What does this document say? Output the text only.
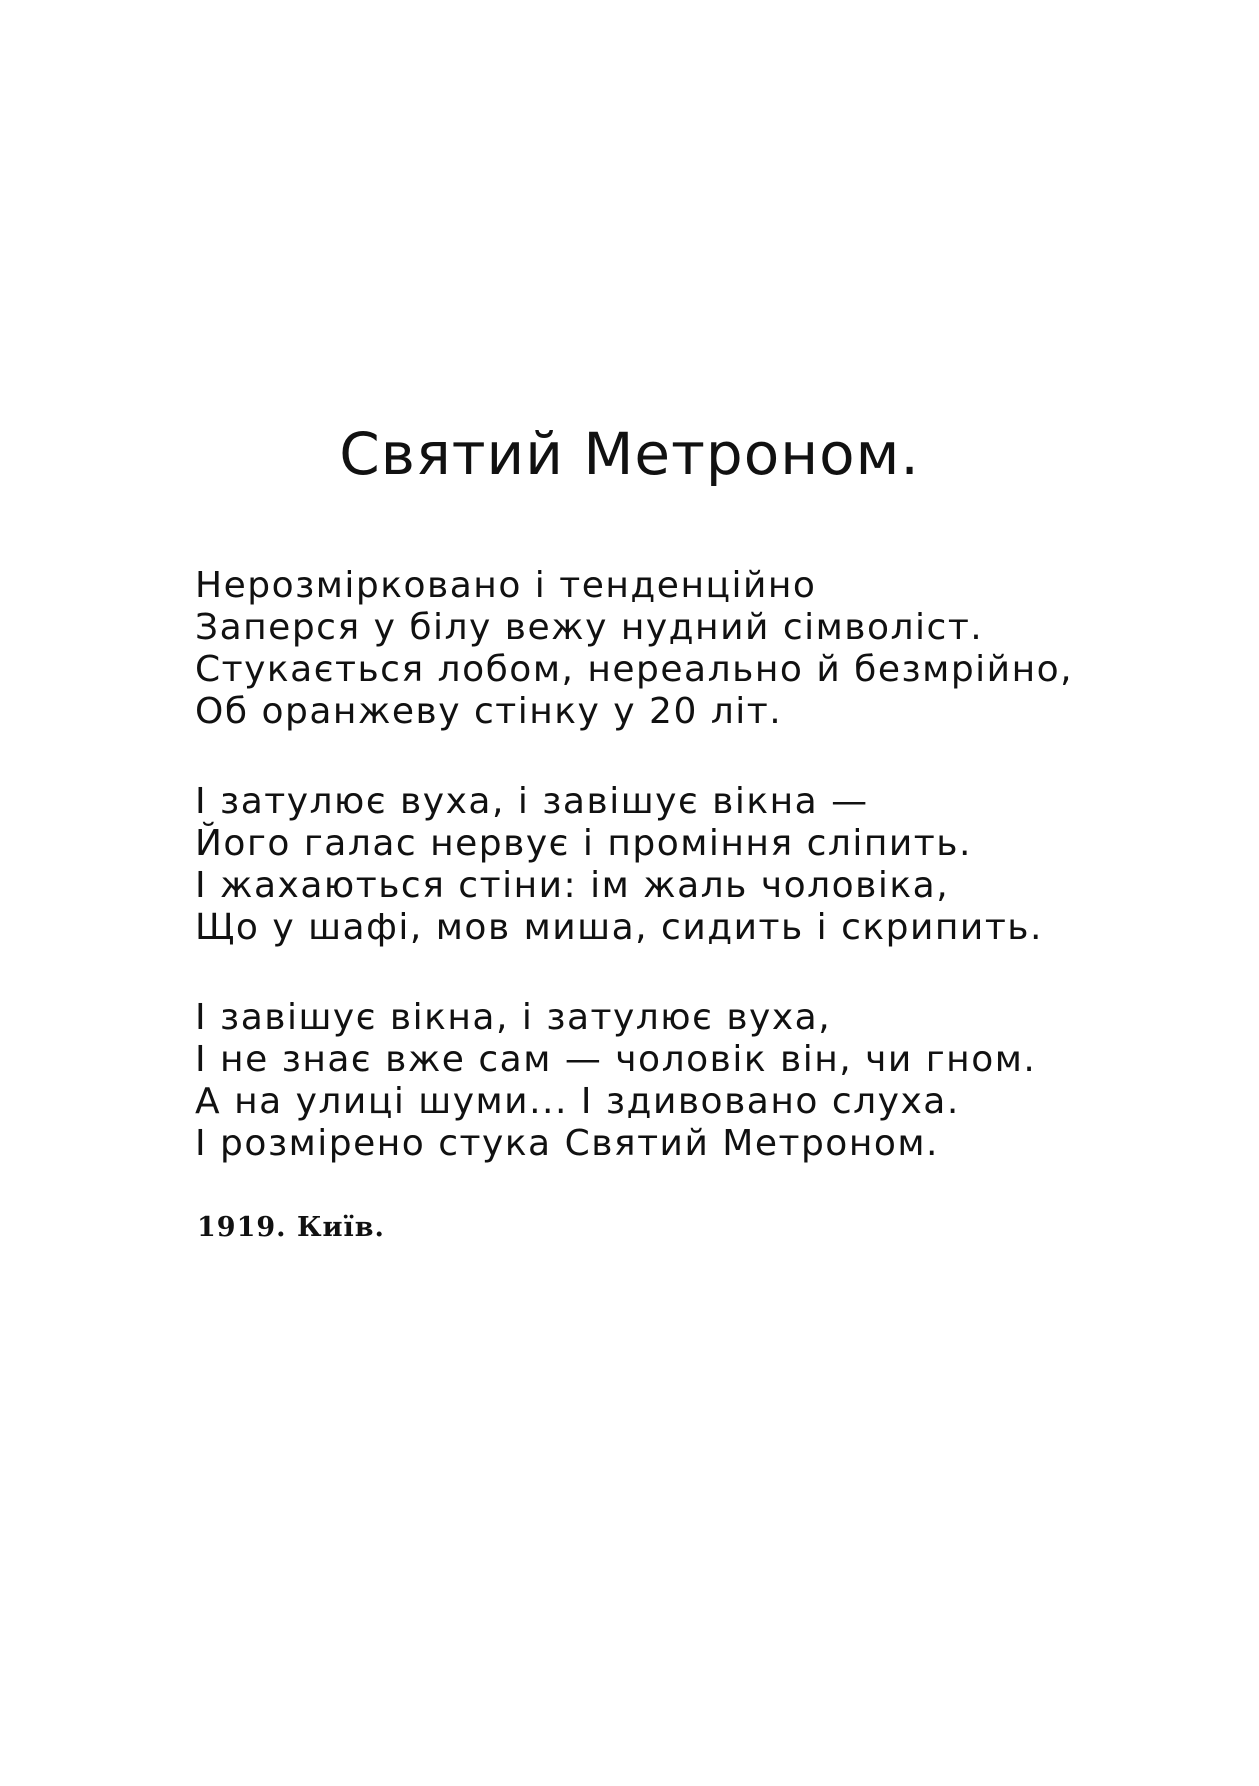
Святий Метроном.
Нерозмірковано і тенденційно
Заперся у білу вежу нудний сімволіст.
Стукається лобом, нереально й безмрійно,
Об оранжеву стінку у 20 літ.
І затулює вуха, і завішує вікна —
Його галас нервує і проміння сліпить.
І жахаються стіни: ім жаль чоловіка,
Що у шафі, мов миша, сидить і скрипить.
І завішує вікна, і затулює вуха,
І не знає вже сам — чоловік він, чи гном.
А на улиці шуми... І здивовано слуха.
І розмірено стука Святий Метроном.
1919. Київ.
